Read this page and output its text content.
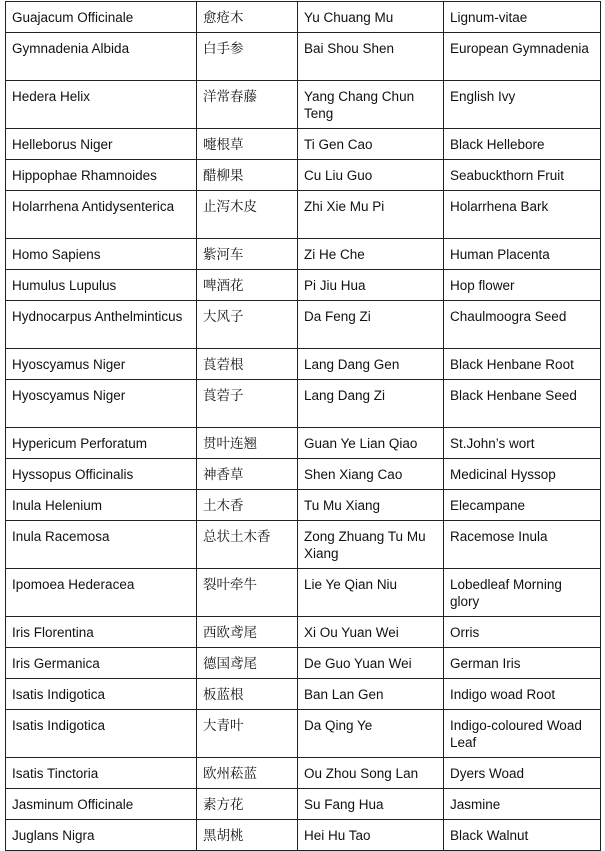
Guajacum Officinale	愈疮木	Yu Chuang Mu	Lignum-vitae
Gymnadenia Albida	白手参	Bai Shou Shen	European Gymnadenia
Hedera Helix	洋常春藤	Yang Chang Chun Teng	English Ivy
Helleborus Niger	嚏根草	Ti Gen Cao	Black Hellebore
Hippophae Rhamnoides	醋柳果	Cu Liu Guo	Seabuckthorn Fruit
Holarrhena Antidysenterica	止泻木皮	Zhi Xie Mu Pi	Holarrhena Bark
Homo Sapiens	紫河车	Zi He Che	Human Placenta
Humulus Lupulus	啤酒花	Pi Jiu Hua	Hop flower
Hydnocarpus Anthelminticus	大风子	Da Feng Zi	Chaulmoogra Seed
Hyoscyamus Niger	莨菪根	Lang Dang Gen	Black Henbane Root
Hyoscyamus Niger	莨菪子	Lang Dang Zi	Black Henbane Seed
Hypericum Perforatum	贯叶连翘	Guan Ye Lian Qiao	St.John’s wort
Hyssopus Officinalis	神香草	Shen Xiang Cao	Medicinal Hyssop
Inula Helenium	土木香	Tu Mu Xiang	Elecampane
Inula Racemosa	总状土木香	Zong Zhuang Tu Mu Xiang	Racemose Inula
Ipomoea Hederacea	裂叶牵牛	Lie Ye Qian Niu	Lobedleaf Morning glory
Iris Florentina	西欧鸢尾	Xi Ou Yuan Wei	Orris
Iris Germanica	德国鸢尾	De Guo Yuan Wei	German Iris
Isatis Indigotica	板蓝根	Ban Lan Gen	Indigo woad Root
Isatis Indigotica	大青叶	Da Qing Ye	Indigo-coloured Woad Leaf
Isatis Tinctoria	欧州菘蓝	Ou Zhou Song Lan	Dyers Woad
Jasminum Officinale	素方花	Su Fang Hua	Jasmine
Juglans Nigra	黑胡桃	Hei Hu Tao	Black Walnut
